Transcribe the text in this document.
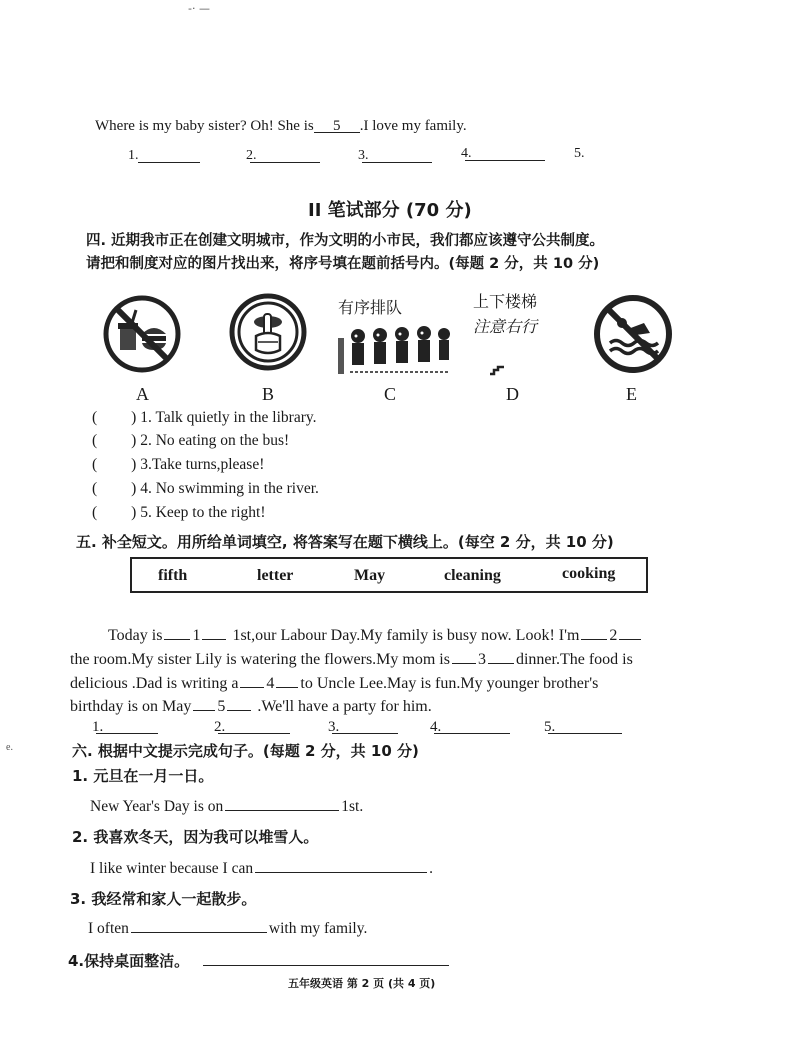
-· —
Where is my baby sister? Oh! She is 5 .I love my family.
1.	2.	3.	4.	5.
II 笔试部分 (70 分)
四. 近期我市正在创建文明城市，作为文明的小市民，我们都应该遵守公共制度。
请把和制度对应的图片找出来，将序号填在题前括号内。(每题 2 分，共 10 分)
A	B
有序排队
C
上下楼梯
注意右行
D	E
( ) 1. Talk quietly in the library.
( ) 2. No eating on the bus!
( ) 3.Take turns,please!
( ) 4. No swimming in the river.
( ) 5. Keep to the right!
五. 补全短文。用所给单词填空, 将答案写在题下横线上。(每空 2 分，共 10 分)
fifth	letter	May	cleaning	cooking
Today is 1 1st,our Labour Day.My family is busy now. Look! I'm 2
the room.My sister Lily is watering the flowers.My mom is 3 dinner.The food is
delicious .Dad is writing a 4 to Uncle Lee.May is fun.My younger brother's
birthday is on May 5 .We'll have a party for him.
1.	2.	3.	4.	5.
e.	六. 根据中文提示完成句子。(每题 2 分，共 10 分)
1. 元旦在一月一日。
New Year's Day is on	1st.
2. 我喜欢冬天，因为我可以堆雪人。
I like winter because I can	.
3. 我经常和家人一起散步。
I often	with my family.
4.保持桌面整洁。
五年级英语 第 2 页 (共 4 页)
